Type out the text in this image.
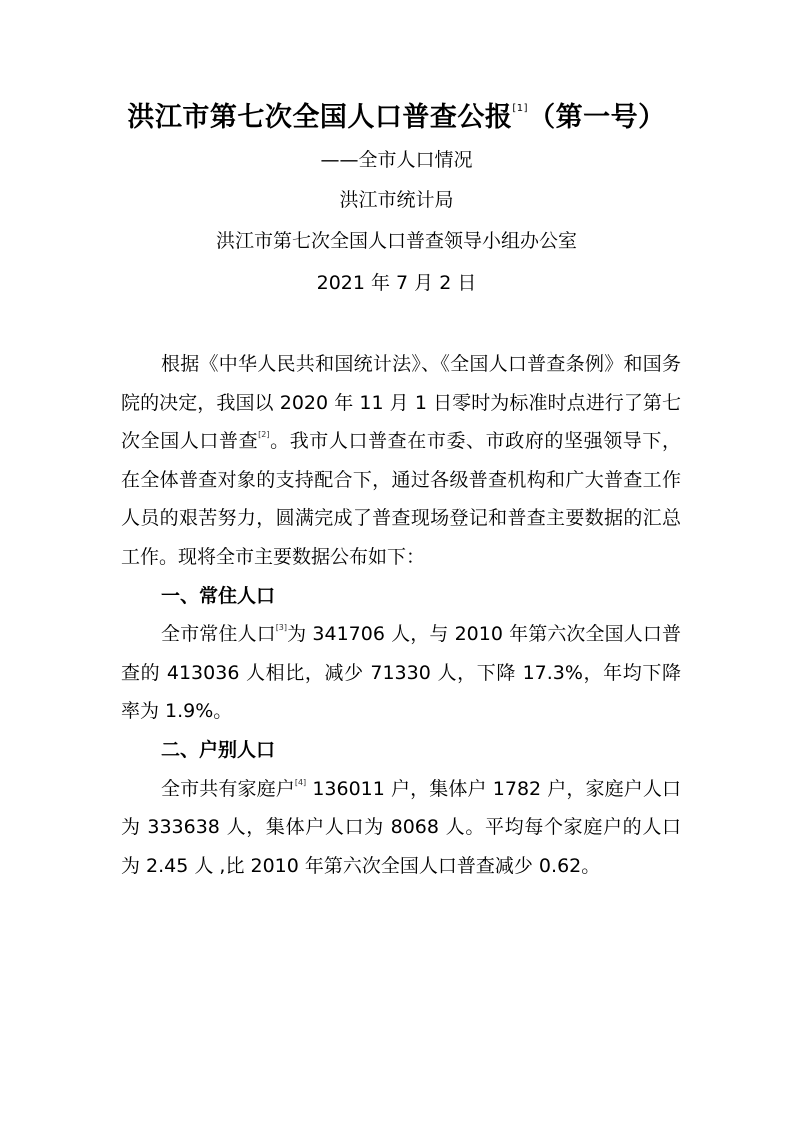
洪江市第七次全国人口普查公报[1]（第一号）
——全市人口情况
洪江市统计局
洪江市第七次全国人口普查领导小组办公室
2021 年 7 月 2 日

根据《中华人民共和国统计法》、《全国人口普查条例》和国务院的决定，我国以 2020 年 11 月 1 日零时为标准时点进行了第七次全国人口普查[2]。我市人口普查在市委、市政府的坚强领导下，在全体普查对象的支持配合下，通过各级普查机构和广大普查工作人员的艰苦努力，圆满完成了普查现场登记和普查主要数据的汇总工作。现将全市主要数据公布如下：

一、常住人口

全市常住人口[3]为 341706 人，与 2010 年第六次全国人口普查的 413036 人相比，减少 71330 人，下降 17.3%，年均下降率为 1.9%。

二、户别人口

全市共有家庭户[4] 136011 户，集体户 1782 户，家庭户人口为 333638 人，集体户人口为 8068 人。平均每个家庭户的人口为 2.45 人 ,比 2010 年第六次全国人口普查减少 0.62。
